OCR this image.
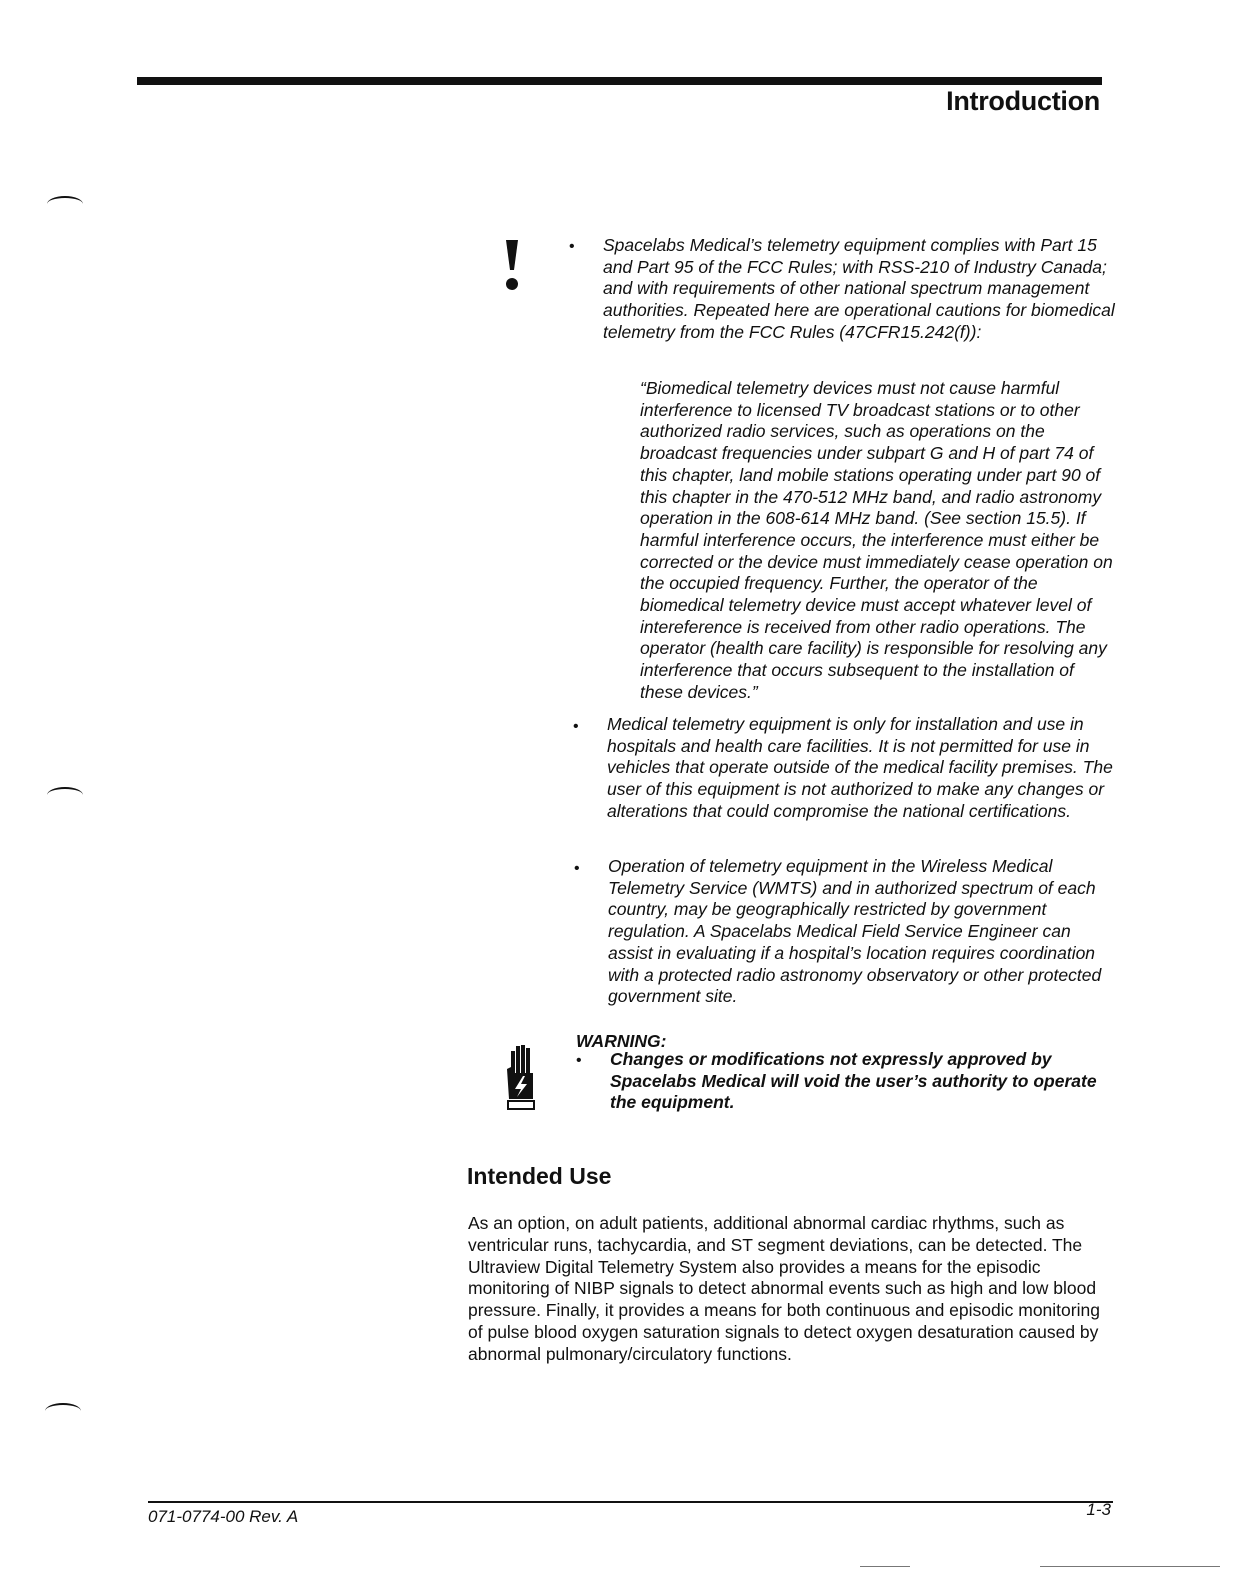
Introduction
• Spacelabs Medical’s telemetry equipment complies with Part 15 and Part 95 of the FCC Rules; with RSS-210 of Industry Canada; and with requirements of other national spectrum management authorities. Repeated here are operational cautions for biomedical telemetry from the FCC Rules (47CFR15.242(f)):
“Biomedical telemetry devices must not cause harmful interference to licensed TV broadcast stations or to other authorized radio services, such as operations on the broadcast frequencies under subpart G and H of part 74 of this chapter, land mobile stations operating under part 90 of this chapter in the 470-512 MHz band, and radio astronomy operation in the 608-614 MHz band. (See section 15.5). If harmful interference occurs, the interference must either be corrected or the device must immediately cease operation on the occupied frequency. Further, the operator of the biomedical telemetry device must accept whatever level of intereference is received from other radio operations. The operator (health care facility) is responsible for resolving any interference that occurs subsequent to the installation of these devices.”
• Medical telemetry equipment is only for installation and use in hospitals and health care facilities. It is not permitted for use in vehicles that operate outside of the medical facility premises. The user of this equipment is not authorized to make any changes or alterations that could compromise the national certifications.
• Operation of telemetry equipment in the Wireless Medical Telemetry Service (WMTS) and in authorized spectrum of each country, may be geographically restricted by government regulation. A Spacelabs Medical Field Service Engineer can assist in evaluating if a hospital’s location requires coordination with a protected radio astronomy observatory or other protected government site.
WARNING:
• Changes or modifications not expressly approved by Spacelabs Medical will void the user’s authority to operate the equipment.
Intended Use
As an option, on adult patients, additional abnormal cardiac rhythms, such as ventricular runs, tachycardia, and ST segment deviations, can be detected. The Ultraview Digital Telemetry System also provides a means for the episodic monitoring of NIBP signals to detect abnormal events such as high and low blood pressure. Finally, it provides a means for both continuous and episodic monitoring of pulse blood oxygen saturation signals to detect oxygen desaturation caused by abnormal pulmonary/circulatory functions.
071-0774-00 Rev. A	1-3
